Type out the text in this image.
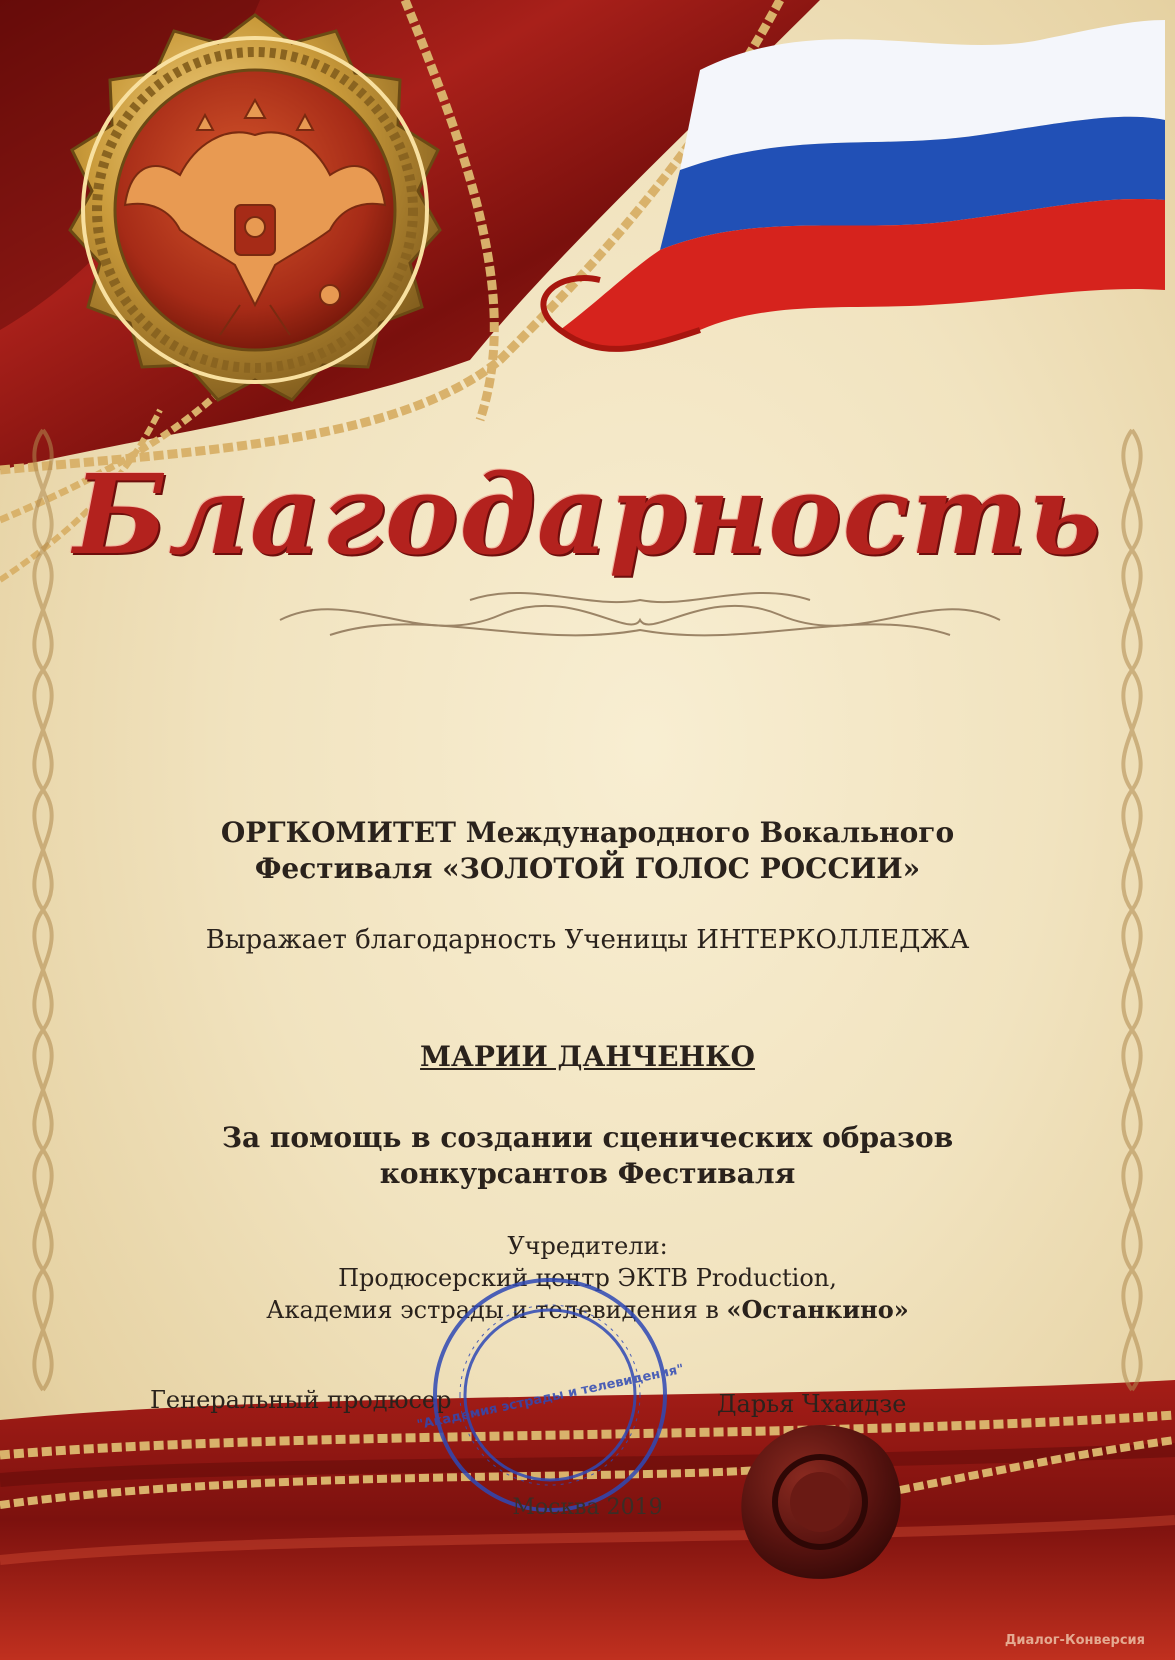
Благодарность
ОРГКОМИТЕТ Международного Вокального
Фестиваля «ЗОЛОТОЙ ГОЛОС РОССИИ»
Выражает благодарность Ученицы ИНТЕРКОЛЛЕДЖА
МАРИИ ДАНЧЕНКО
За помощь в создании сценических образов
конкурсантов Фестиваля
Учредители:
Продюсерский центр ЭКТВ Production,
Академия эстрады и телевидения в «Останкино»
Генеральный продюсер	Дарья Чхаидзе
"Академия эстрады и телевидения"
Москва 2019
Диалог-Конверсия
